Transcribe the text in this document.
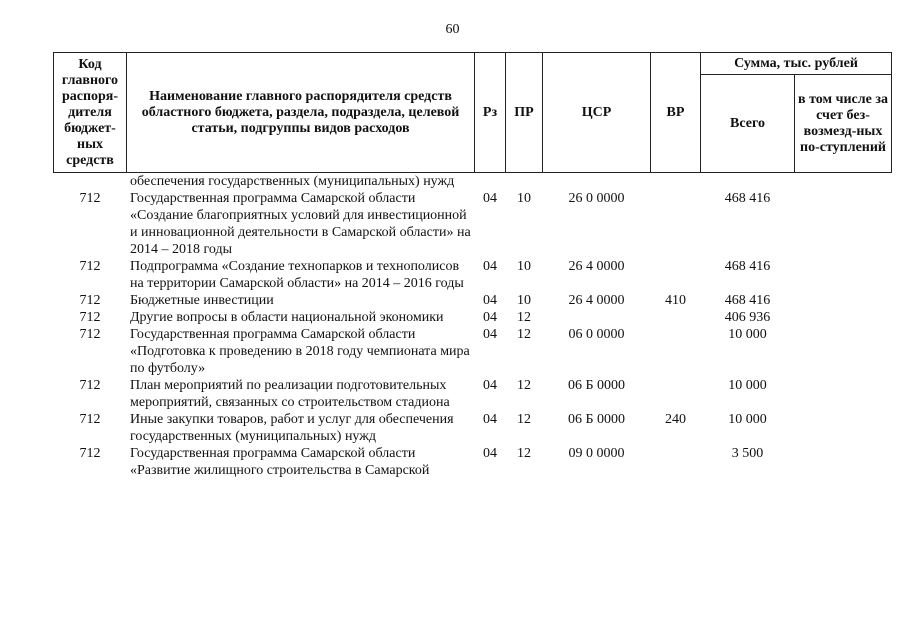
60
Код главного распоря-дителя бюджет-ных средств	Наименование главного распорядителя средств областного бюджета, раздела, подраздела, целевой статьи, подгруппы видов расходов	Рз	ПР	ЦСР	ВР	Сумма, тыс. рублей	
						Всего	в том числе за счет без-возмезд-ных по-ступлений
	обеспечения государственных (муниципальных) нужд						
712	Государственная программа Самарской области «Создание благоприятных условий для инвестиционной и инновационной деятельности в Самарской области» на 2014 – 2018 годы	04	10	26 0 0000		468 416	
712	Подпрограмма «Создание технопарков и технополисов на территории Самарской области» на 2014 – 2016 годы	04	10	26 4 0000		468 416	
712	Бюджетные инвестиции	04	10	26 4 0000	410	468 416	
712	Другие вопросы в области национальной экономики	04	12			406 936	
712	Государственная программа Самарской области «Подготовка к проведению в 2018 году чемпионата мира по футболу»	04	12	06 0 0000		10 000	
712	План мероприятий по реализации подготовительных мероприятий, связанных со строительством стадиона	04	12	06 Б 0000		10 000	
712	Иные закупки товаров, работ и услуг для обеспечения государственных (муниципальных) нужд	04	12	06 Б 0000	240	10 000	
712	Государственная программа Самарской области «Развитие жилищного строительства в Самарской	04	12	09 0 0000		3 500	
